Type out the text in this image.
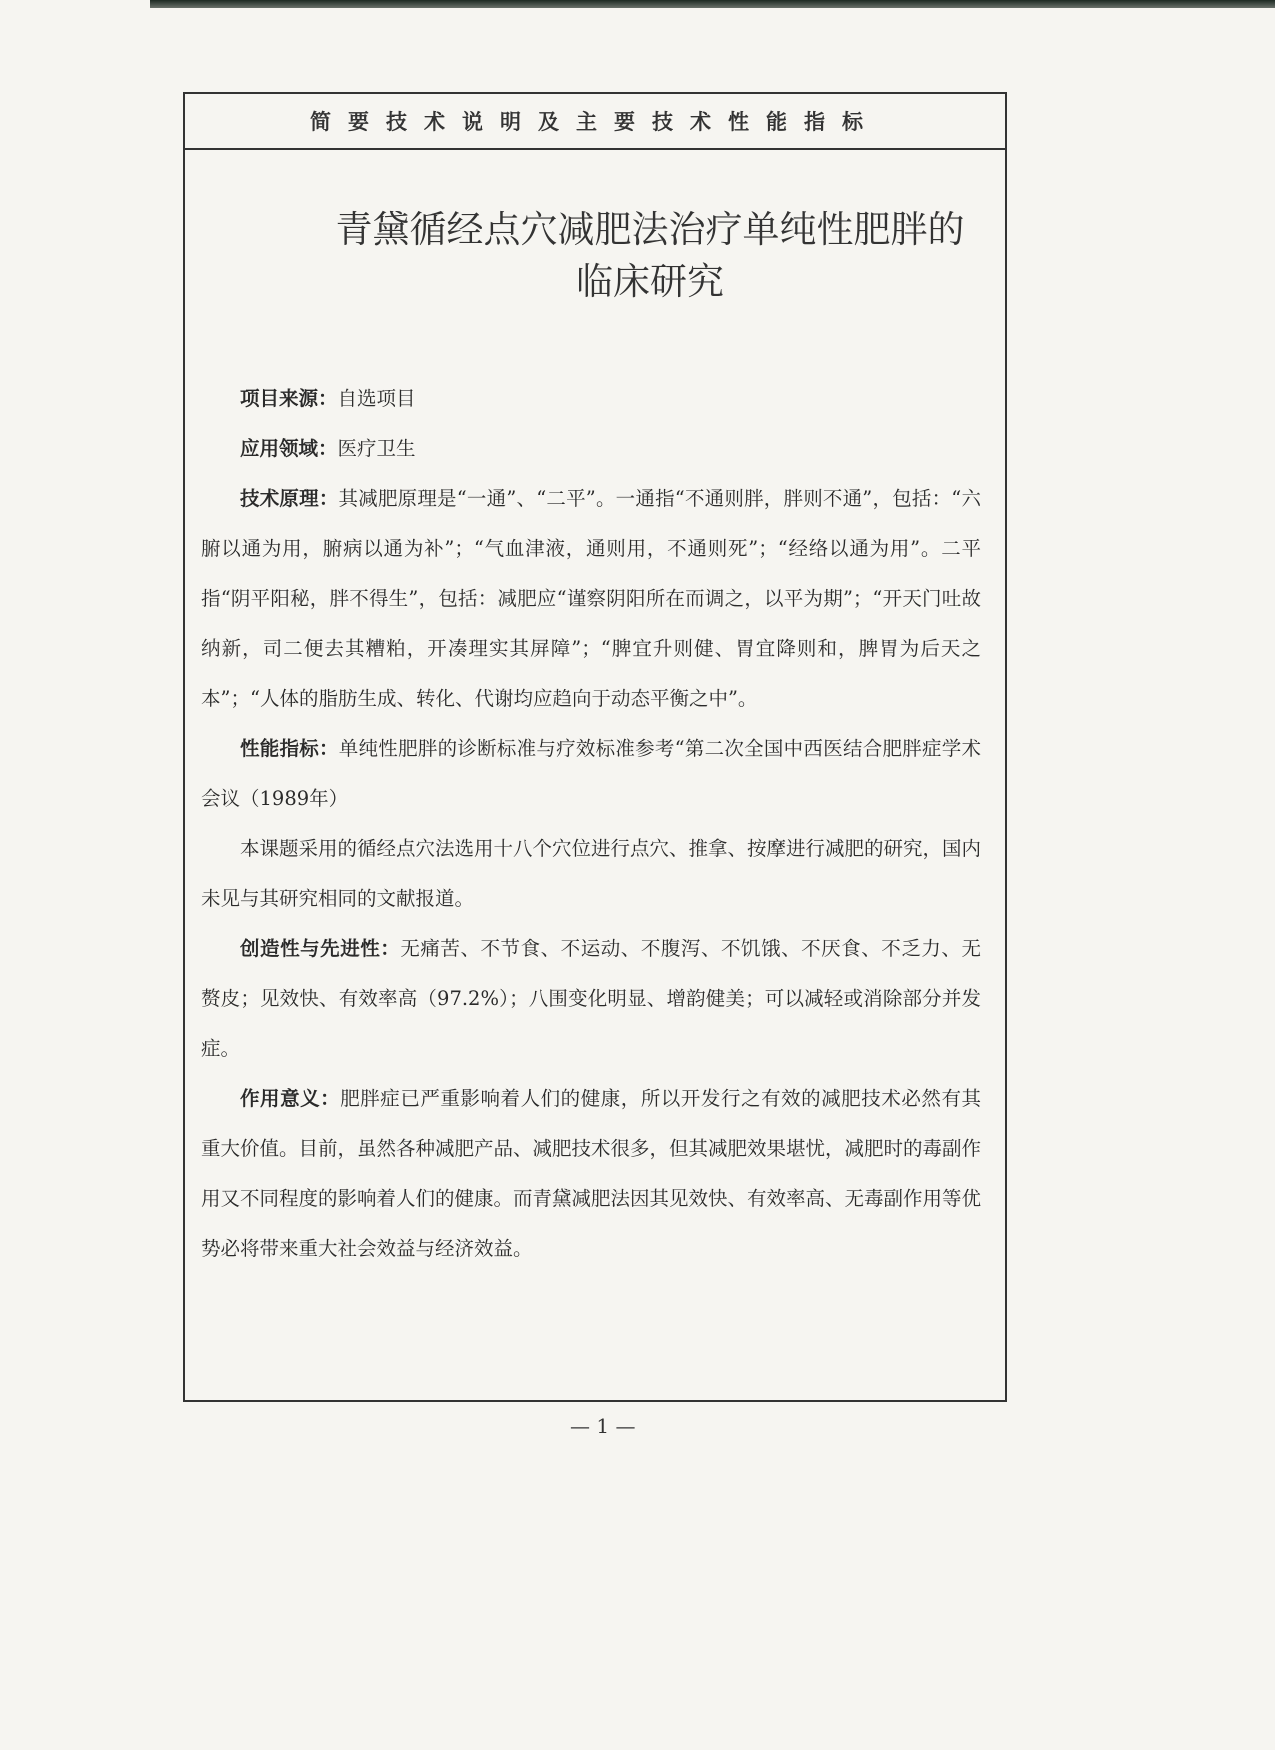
简要技术说明及主要技术性能指标
青黛循经点穴减肥法治疗单纯性肥胖的
临床研究

项目来源：自选项目

应用领域：医疗卫生

技术原理：其减肥原理是“一通”、“二平”。一通指“不通则胖，胖则不通”，包括：“六腑以通为用，腑病以通为补”；“气血津液，通则用，不通则死”；“经络以通为用”。二平指“阴平阳秘，胖不得生”，包括：减肥应“谨察阴阳所在而调之，以平为期”；“开天门吐故纳新，司二便去其糟粕，开凑理实其屏障”；“脾宜升则健、胃宜降则和，脾胃为后天之本”；“人体的脂肪生成、转化、代谢均应趋向于动态平衡之中”。

性能指标：单纯性肥胖的诊断标准与疗效标准参考“第二次全国中西医结合肥胖症学术会议（1989年）

本课题采用的循经点穴法选用十八个穴位进行点穴、推拿、按摩进行减肥的研究，国内未见与其研究相同的文献报道。

创造性与先进性：无痛苦、不节食、不运动、不腹泻、不饥饿、不厌食、不乏力、无赘皮；见效快、有效率高（97.2%）；八围变化明显、增韵健美；可以减轻或消除部分并发症。

作用意义：肥胖症已严重影响着人们的健康，所以开发行之有效的减肥技术必然有其重大价值。目前，虽然各种减肥产品、减肥技术很多，但其减肥效果堪忧，减肥时的毒副作用又不同程度的影响着人们的健康。而青黛减肥法因其见效快、有效率高、无毒副作用等优势必将带来重大社会效益与经济效益。

— 1 —
